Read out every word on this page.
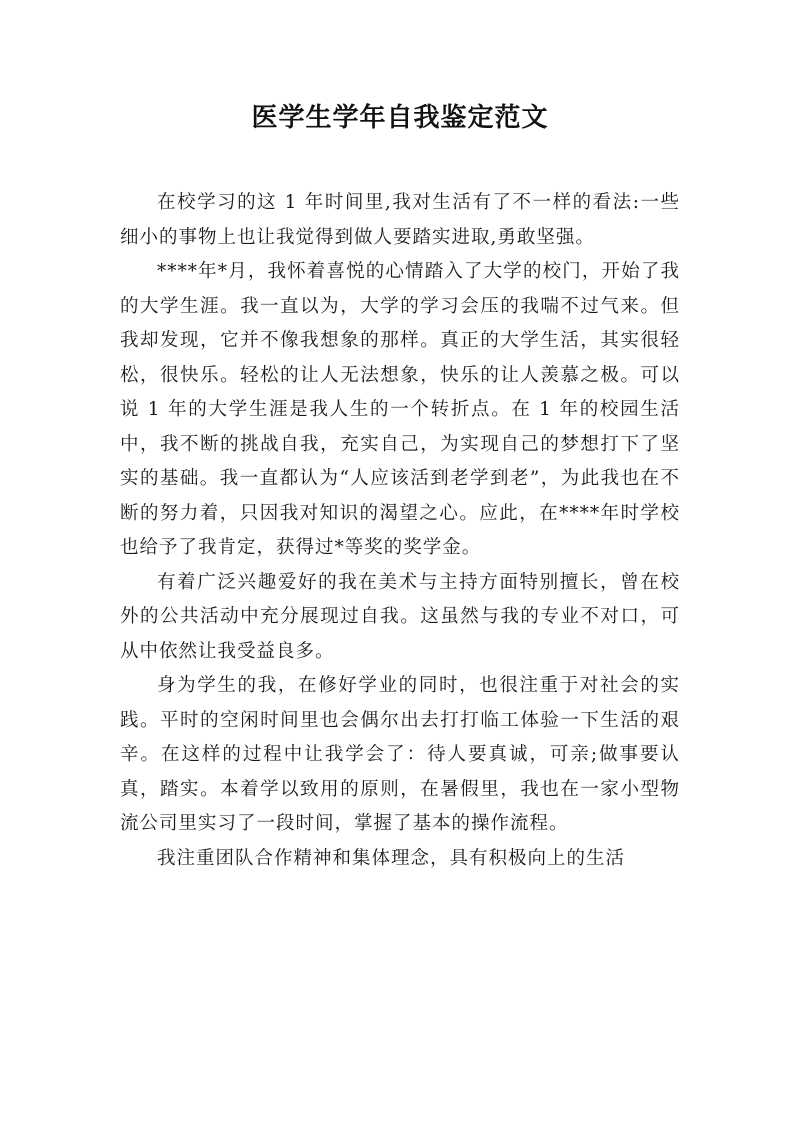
医学生学年自我鉴定范文

在校学习的这 1 年时间里,我对生活有了不一样的看法:一些细小的事物上也让我觉得到做人要踏实进取,勇敢坚强。

****年*月，我怀着喜悦的心情踏入了大学的校门，开始了我的大学生涯。我一直以为，大学的学习会压的我喘不过气来。但我却发现，它并不像我想象的那样。真正的大学生活，其实很轻松，很快乐。轻松的让人无法想象，快乐的让人羡慕之极。可以说 1 年的大学生涯是我人生的一个转折点。在 1 年的校园生活中，我不断的挑战自我，充实自己，为实现自己的梦想打下了坚实的基础。我一直都认为“人应该活到老学到老”，为此我也在不断的努力着，只因我对知识的渴望之心。应此，在****年时学校也给予了我肯定，获得过*等奖的奖学金。

有着广泛兴趣爱好的我在美术与主持方面特别擅长，曾在校外的公共活动中充分展现过自我。这虽然与我的专业不对口，可从中依然让我受益良多。

身为学生的我，在修好学业的同时，也很注重于对社会的实践。平时的空闲时间里也会偶尔出去打打临工体验一下生活的艰辛。在这样的过程中让我学会了：待人要真诚，可亲;做事要认真，踏实。本着学以致用的原则，在暑假里，我也在一家小型物流公司里实习了一段时间，掌握了基本的操作流程。

我注重团队合作精神和集体理念，具有积极向上的生活
